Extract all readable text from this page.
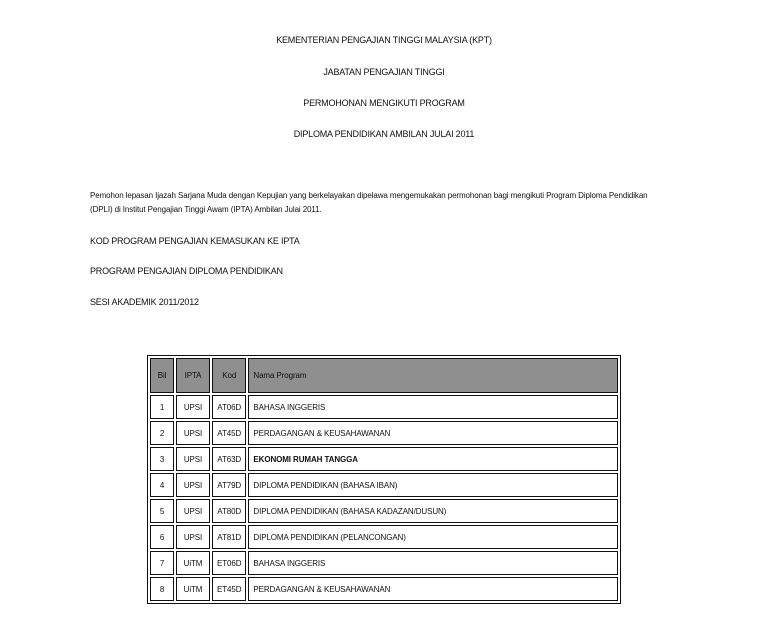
KEMENTERIAN PENGAJIAN TINGGI MALAYSIA (KPT)
JABATAN PENGAJIAN TINGGI
PERMOHONAN MENGIKUTI PROGRAM
DIPLOMA PENDIDIKAN AMBILAN JULAI 2011
Pemohon lepasan Ijazah Sarjana Muda dengan Kepujian yang berkelayakan dipelawa mengemukakan permohonan bagi mengikuti Program Diploma Pendidikan (DPLI) di Institut Pengajian Tinggi Awam (IPTA) Ambilan Julai 2011.
KOD PROGRAM PENGAJIAN KEMASUKAN KE IPTA
PROGRAM PENGAJIAN DIPLOMA PENDIDIKAN
SESI AKADEMIK 2011/2012
Bil	IPTA	Kod	Nama Program
1	UPSI	AT06D	BAHASA INGGERIS
2	UPSI	AT45D	PERDAGANGAN & KEUSAHAWANAN
3	UPSI	AT63D	EKONOMI RUMAH TANGGA
4	UPSI	AT79D	DIPLOMA PENDIDIKAN (BAHASA IBAN)
5	UPSI	AT80D	DIPLOMA PENDIDIKAN (BAHASA KADAZAN/DUSUN)
6	UPSI	AT81D	DIPLOMA PENDIDIKAN (PELANCONGAN)
7	UiTM	ET06D	BAHASA INGGERIS
8	UiTM	ET45D	PERDAGANGAN & KEUSAHAWANAN
